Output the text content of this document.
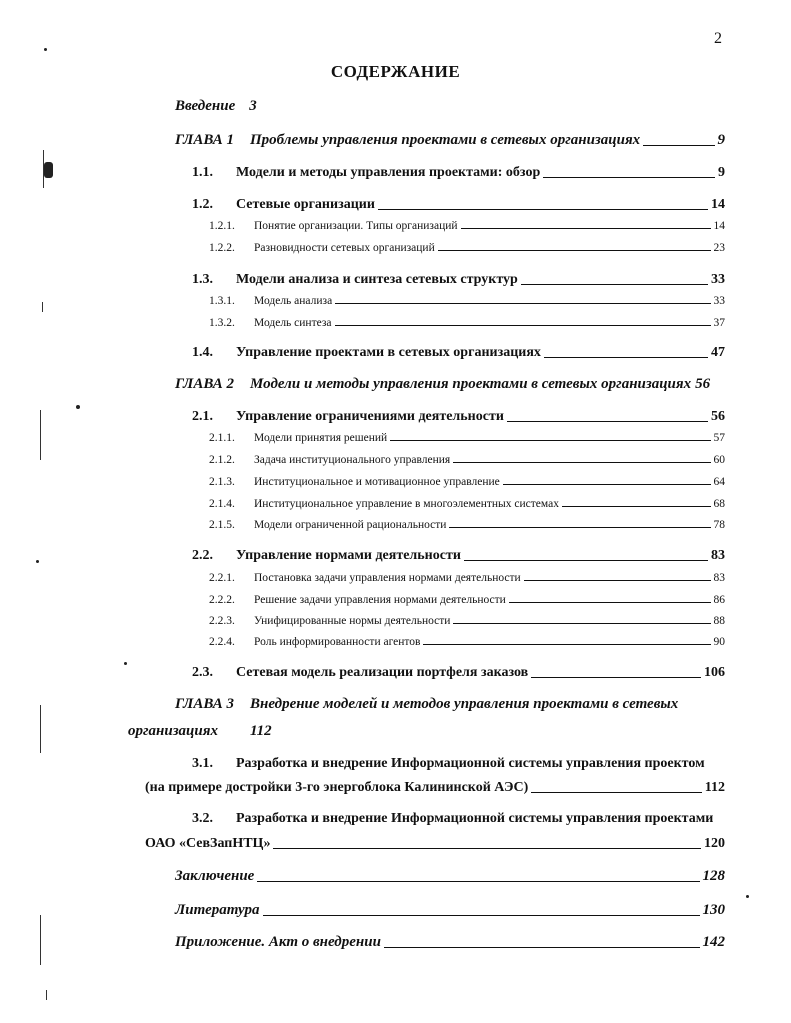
2
СОДЕРЖАНИЕ
Введение 3
ГЛАВА 1 Проблемы управления проектами в сетевых организациях	9
1.1.	Модели и методы управления проектами: обзор	9
1.2.	Сетевые организации	14
1.2.1.	Понятие организации. Типы организаций	14
1.2.2.	Разновидности сетевых организаций	23
1.3.	Модели анализа и синтеза сетевых структур	33
1.3.1.	Модель анализа	33
1.3.2.	Модель синтеза	37
1.4.	Управление проектами в сетевых организациях	47
ГЛАВА 2 Модели и методы управления проектами в сетевых организациях 56
2.1.	Управление ограничениями деятельности	56
2.1.1.	Модели принятия решений	57
2.1.2.	Задача институционального управления	60
2.1.3.	Институциональное и мотивационное управление	64
2.1.4.	Институциональное управление в многоэлементных системах	68
2.1.5.	Модели ограниченной рациональности	78
2.2.	Управление нормами деятельности	83
2.2.1.	Постановка задачи управления нормами деятельности	83
2.2.2.	Решение задачи управления нормами деятельности	86
2.2.3.	Унифицированные нормы деятельности	88
2.2.4.	Роль информированности агентов	90
2.3.	Сетевая модель реализации портфеля заказов	106
ГЛАВА 3 Внедрение моделей и методов управления проектами в сетевых
организациях 112
3.1.	Разработка и внедрение Информационной системы управления проектом
(на примере достройки 3-го энергоблока Калининской АЭС)	112
3.2.	Разработка и внедрение Информационной системы управления проектами
ОАО «СевЗапНТЦ»	120
Заключение	128
Литература	130
Приложение. Акт о внедрении	142
